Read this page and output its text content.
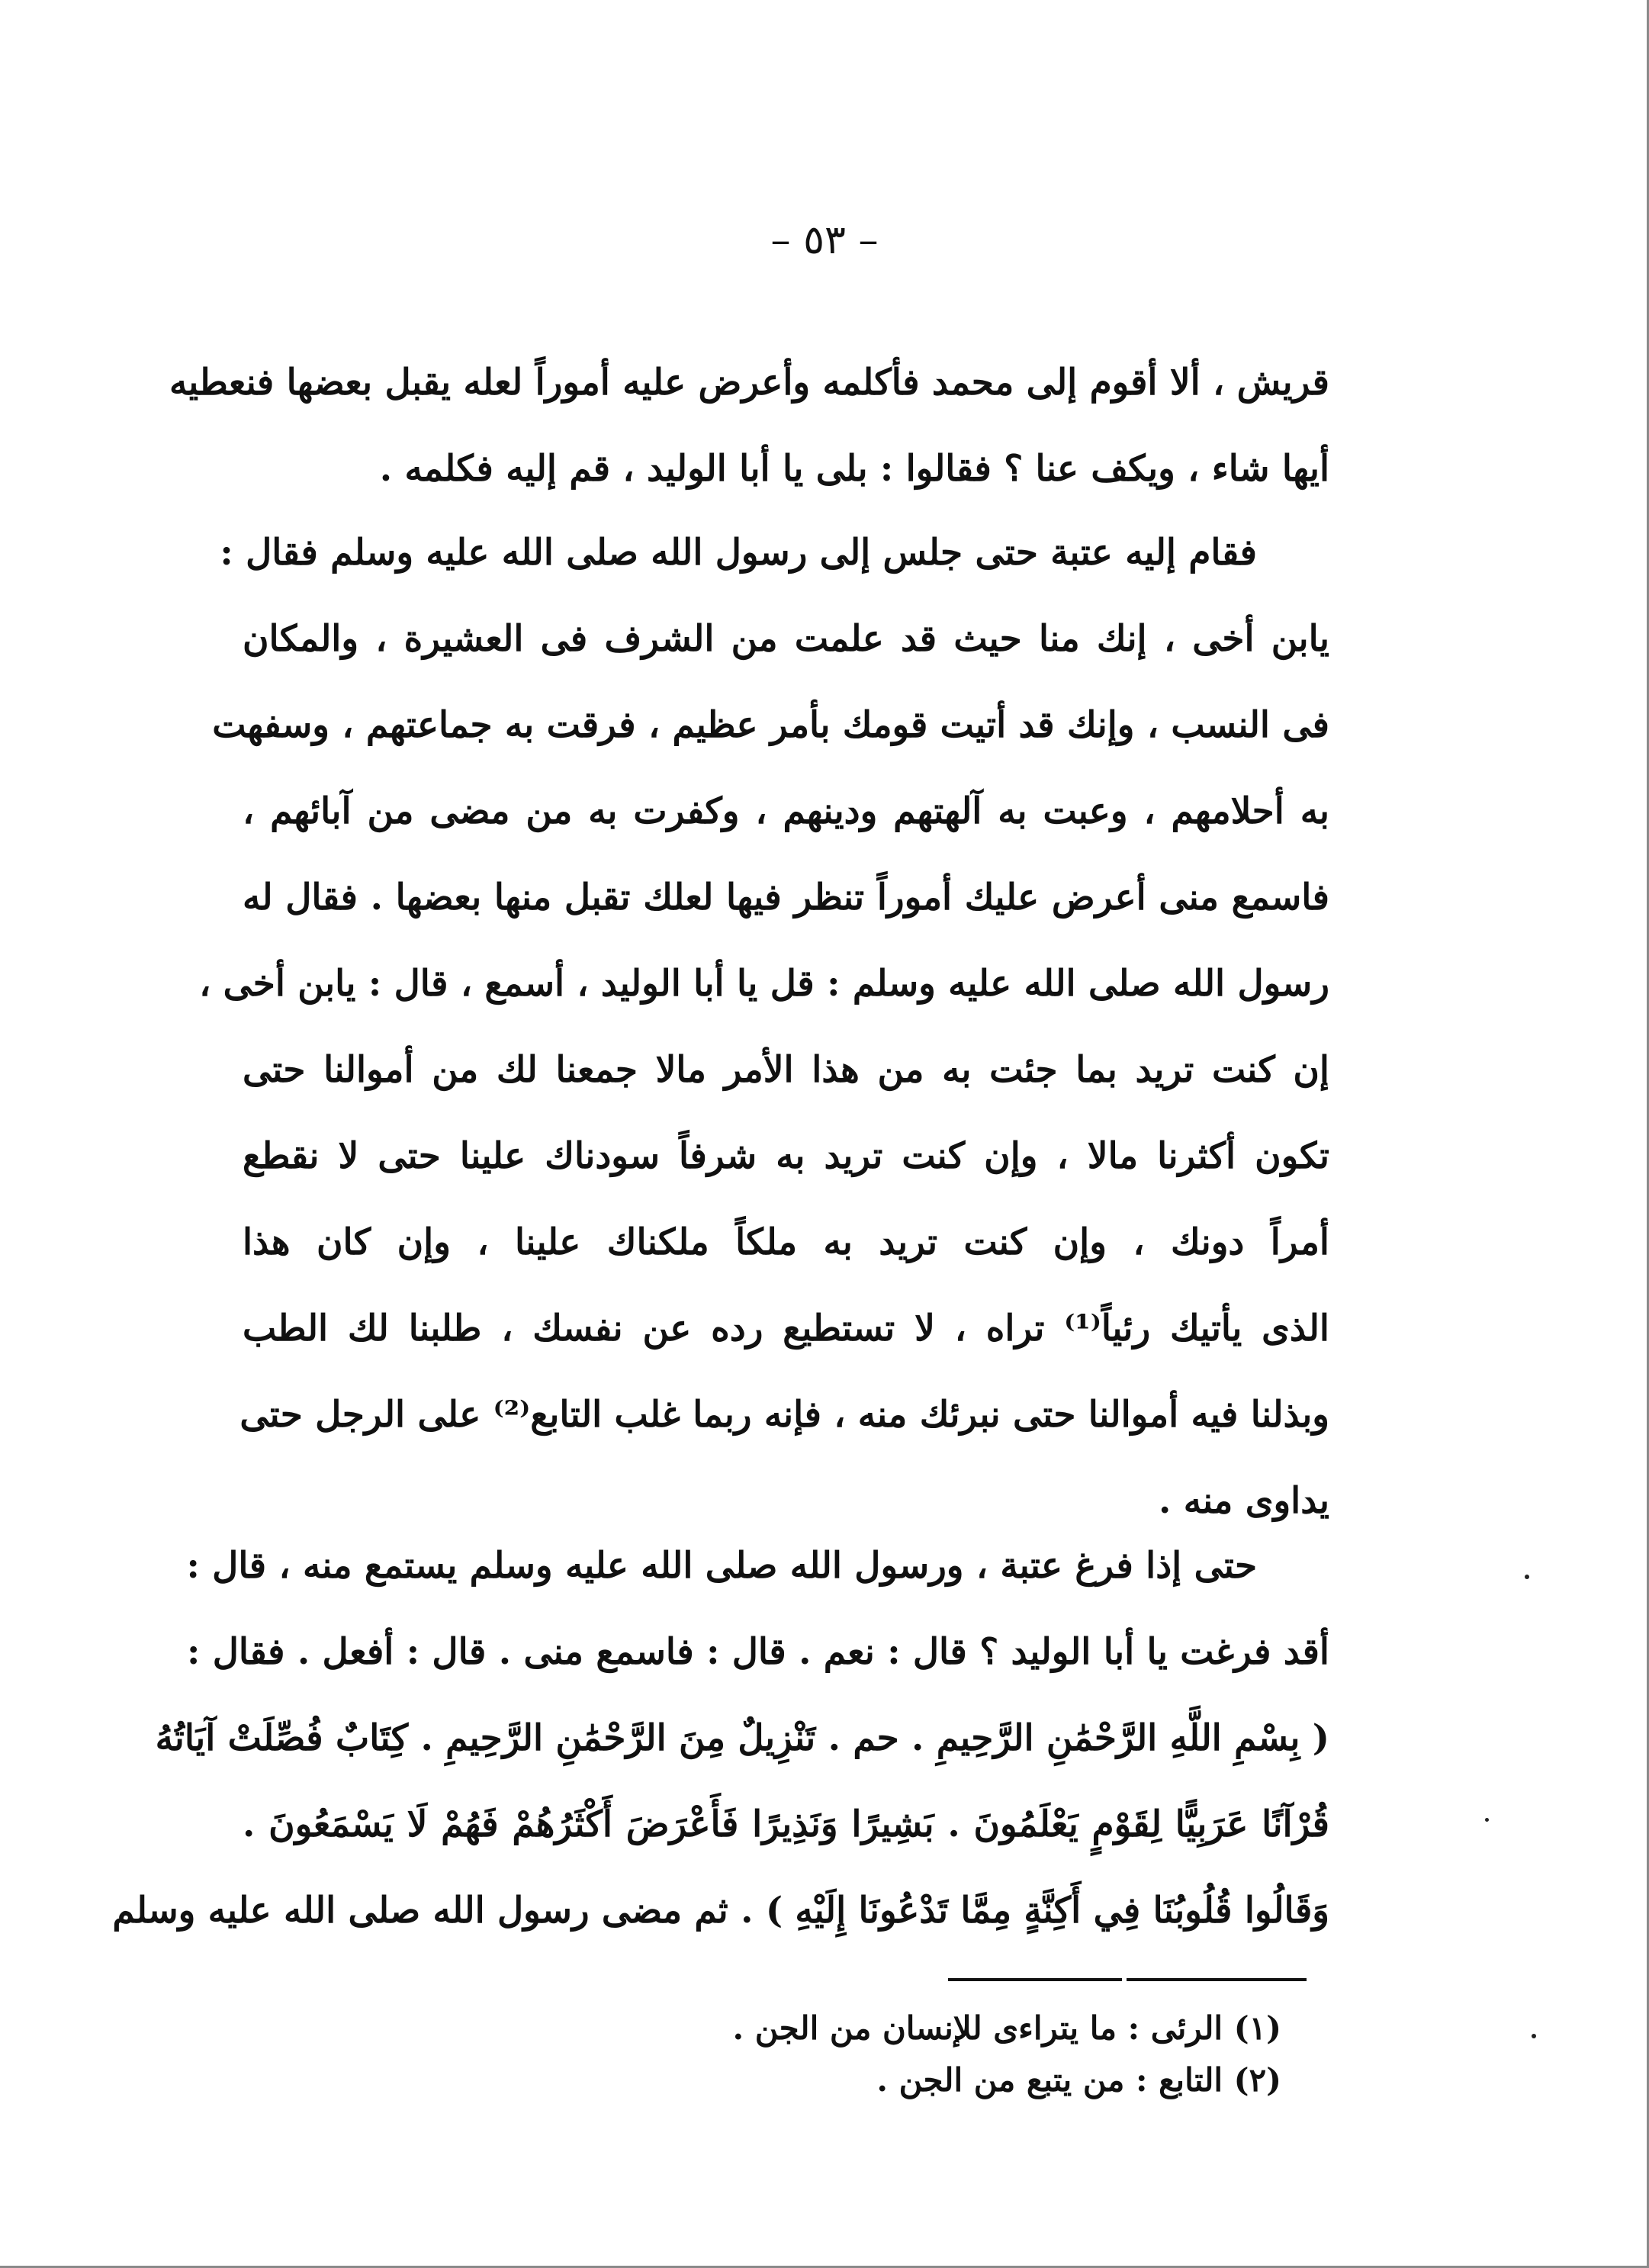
– ٥٣ –
قريش ، ألا أقوم إلى محمد فأكلمه وأعرض عليه أموراً لعله يقبل بعضها فنعطيه
أيها شاء ، ويكف عنا ؟ فقالوا : بلى يا أبا الوليد ، قم إليه فكلمه .
فقام إليه عتبة حتى جلس إلى رسول الله صلى الله عليه وسلم فقال :
يابن أخى ، إنك منا حيث قد علمت من الشرف فى العشيرة ، والمكان
فى النسب ، وإنك قد أتيت قومك بأمر عظيم ، فرقت به جماعتهم ، وسفهت
به أحلامهم ، وعبت به آلهتهم ودينهم ، وكفرت به من مضى من آبائهم ،
فاسمع منى أعرض عليك أموراً تنظر فيها لعلك تقبل منها بعضها . فقال له
رسول الله صلى الله عليه وسلم : قل يا أبا الوليد ، أسمع ، قال : يابن أخى ،
إن كنت تريد بما جئت به من هذا الأمر مالا جمعنا لك من أموالنا حتى
تكون أكثرنا مالا ، وإن كنت تريد به شرفاً سودناك علينا حتى لا نقطع
أمراً دونك ، وإن كنت تريد به ملكاً ملكناك علينا ، وإن كان هذا
الذى يأتيك رئياً⁽¹⁾ تراه ، لا تستطيع رده عن نفسك ، طلبنا لك الطب
وبذلنا فيه أموالنا حتى نبرئك منه ، فإنه ربما غلب التابع⁽²⁾ على الرجل حتى
يداوى منه .
حتى إذا فرغ عتبة ، ورسول الله صلى الله عليه وسلم يستمع منه ، قال :
أقد فرغت يا أبا الوليد ؟ قال : نعم . قال : فاسمع منى . قال : أفعل . فقال :
( بِسْمِ اللَّهِ الرَّحْمَٰنِ الرَّحِيمِ . حم . تَنْزِيلٌ مِنَ الرَّحْمَٰنِ الرَّحِيمِ . كِتَابٌ فُصِّلَتْ آيَاتُهُ
قُرْآنًا عَرَبِيًّا لِقَوْمٍ يَعْلَمُونَ . بَشِيرًا وَنَذِيرًا فَأَعْرَضَ أَكْثَرُهُمْ فَهُمْ لَا يَسْمَعُونَ .
وَقَالُوا قُلُوبُنَا فِي أَكِنَّةٍ مِمَّا تَدْعُونَا إِلَيْهِ ) . ثم مضى رسول الله صلى الله عليه وسلم
(١) الرئى : ما يتراءى للإنسان من الجن .
(٢) التابع : من يتبع من الجن .
